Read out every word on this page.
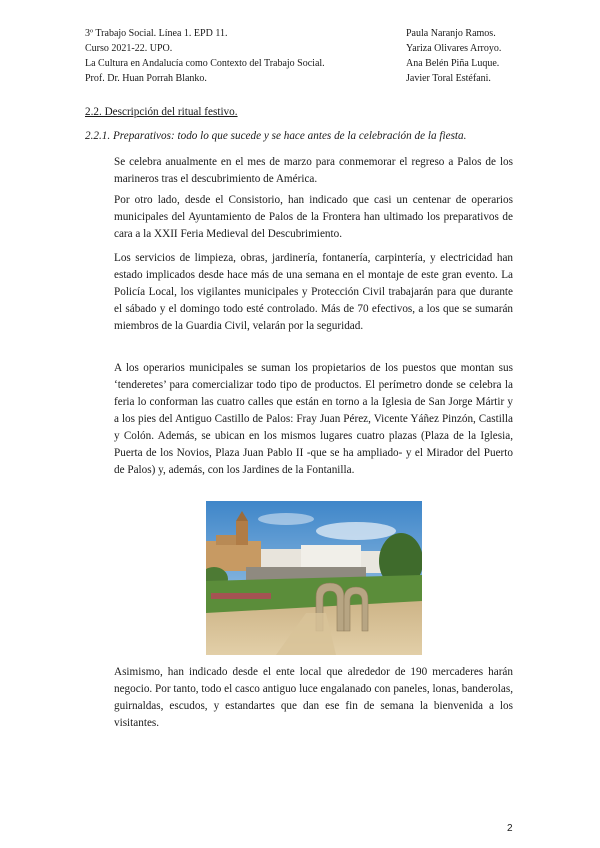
3º Trabajo Social. Línea 1. EPD 11.
Curso 2021-22. UPO.
La Cultura en Andalucía como Contexto del Trabajo Social.
Prof. Dr. Huan Porrah Blanko.
Paula Naranjo Ramos.
Yariza Olivares Arroyo.
Ana Belén Piña Luque.
Javier Toral Estéfani.
2.2. Descripción del ritual festivo.
2.2.1. Preparativos: todo lo que sucede y se hace antes de la celebración de la fiesta.

Se celebra anualmente en el mes de marzo para conmemorar el regreso a Palos de los marineros tras el descubrimiento de América.

Por otro lado, desde el Consistorio, han indicado que casi un centenar de operarios municipales del Ayuntamiento de Palos de la Frontera han ultimado los preparativos de cara a la XXII Feria Medieval del Descubrimiento.

Los servicios de limpieza, obras, jardinería, fontanería, carpintería, y electricidad han estado implicados desde hace más de una semana en el montaje de este gran evento. La Policía Local, los vigilantes municipales y Protección Civil trabajarán para que durante el sábado y el domingo todo esté controlado. Más de 70 efectivos, a los que se sumarán miembros de la Guardia Civil, velarán por la seguridad.

A los operarios municipales se suman los propietarios de los puestos que montan sus ‘tenderetes’ para comercializar todo tipo de productos. El perímetro donde se celebra la feria lo conforman las cuatro calles que están en torno a la Iglesia de San Jorge Mártir y a los pies del Antiguo Castillo de Palos: Fray Juan Pérez, Vicente Yáñez Pinzón, Castilla y Colón. Además, se ubican en los mismos lugares cuatro plazas (Plaza de la Iglesia, Puerta de los Novios, Plaza Juan Pablo II -que se ha ampliado- y el Mirador del Puerto de Palos) y, además, con los Jardines de la Fontanilla.

Asimismo, han indicado desde el ente local que alrededor de 190 mercaderes harán negocio. Por tanto, todo el casco antiguo luce engalanado con paneles, lonas, banderolas, guirnaldas, escudos, y estandartes que dan ese fin de semana la bienvenida a los visitantes.

2
